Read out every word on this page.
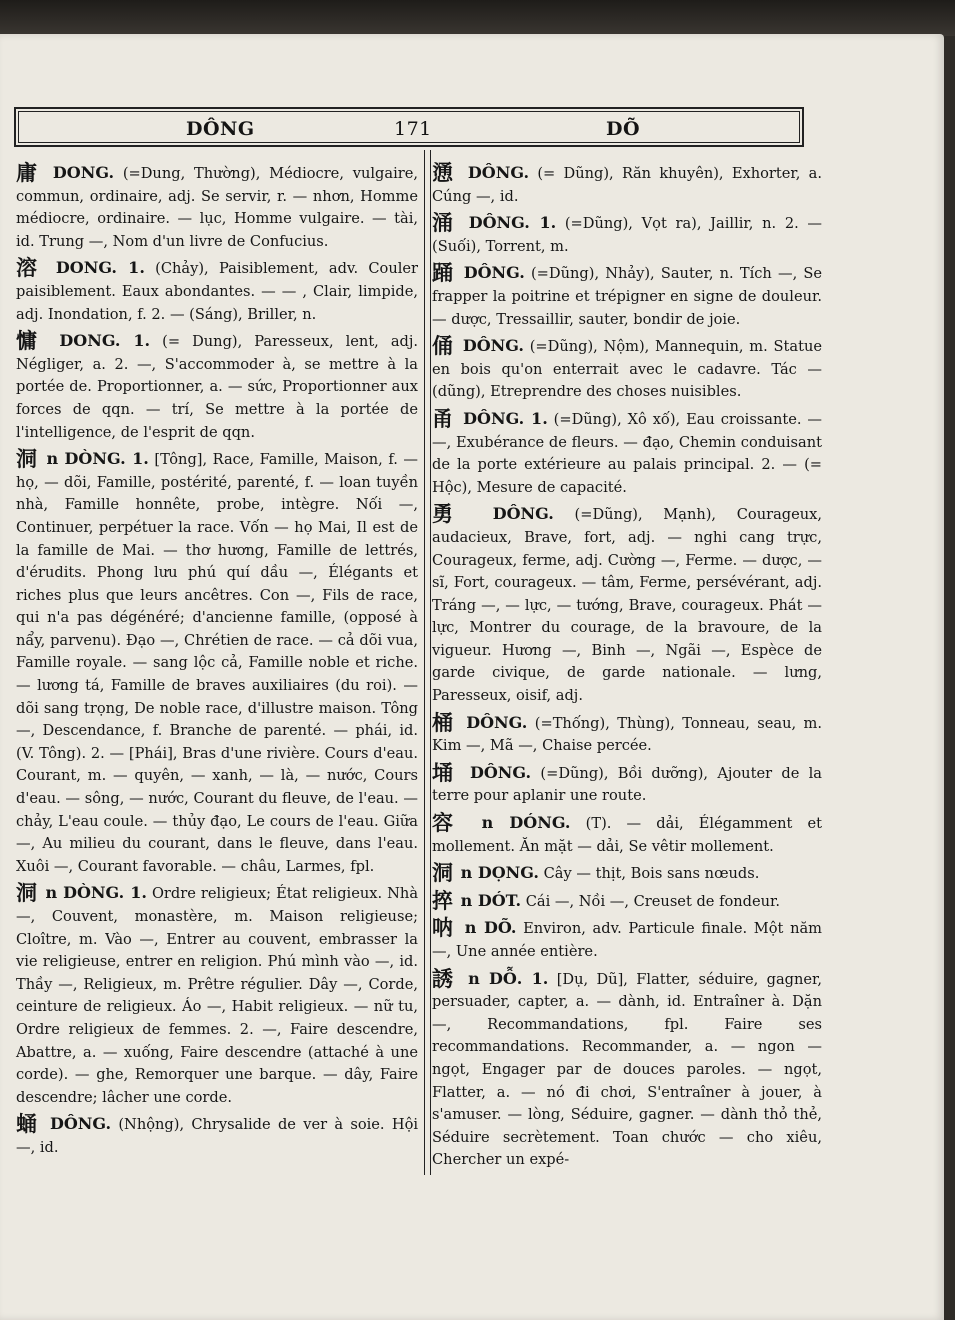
DÔNG	171	DÕ
庸 DONG. (=Dung, Thường), Médiocre, vulgaire, commun, ordinaire, adj. Se servir, r. — nhơn, Homme médiocre, ordinaire. — lục, Homme vulgaire. — tài, id. Trung —, Nom d'un livre de Confucius.
溶 DONG. 1. (Chảy), Paisiblement, adv. Couler paisiblement. Eaux abondantes. — — , Clair, limpide, adj. Inondation, f. 2. — (Sáng), Briller, n.
慵 DONG. 1. (= Dung), Paresseux, lent, adj. Négliger, a. 2. —, S'accommoder à, se mettre à la portée de. Proportionner, a. — sức, Proportionner aux forces de qqn. — trí, Se mettre à la portée de l'intelligence, de l'esprit de qqn.
洞 n DÒNG. 1. [Tông], Race, Famille, Maison, f. — họ, — dõi, Famille, postérité, parenté, f. — loan tuyền nhà, Famille honnête, probe, intègre. Nối —, Continuer, perpétuer la race. Vốn — họ Mai, Il est de la famille de Mai. — thơ hương, Famille de lettrés, d'érudits. Phong lưu phú quí dầu —, Élégants et riches plus que leurs ancêtres. Con —, Fils de race, qui n'a pas dégénéré; d'ancienne famille, (opposé à nẩy, parvenu). Đạo —, Chrétien de race. — cả dõi vua, Famille royale. — sang lộc cả, Famille noble et riche. — lương tá, Famille de braves auxiliaires (du roi). — dõi sang trọng, De noble race, d'illustre maison. Tông —, Descendance, f. Branche de parenté. — phái, id. (V. Tông). 2. — [Phái], Bras d'une rivière. Cours d'eau. Courant, m. — quyên, — xanh, — là, — nước, Cours d'eau. — sông, — nước, Courant du fleuve, de l'eau. — chảy, L'eau coule. — thủy đạo, Le cours de l'eau. Giữa —, Au milieu du courant, dans le fleuve, dans l'eau. Xuôi —, Courant favorable. — châu, Larmes, fpl.
洞 n DÒNG. 1. Ordre religieux; État religieux. Nhà —, Couvent, monastère, m. Maison religieuse; Cloître, m. Vào —, Entrer au couvent, embrasser la vie religieuse, entrer en religion. Phú mình vào —, id. Thầy —, Religieux, m. Prêtre régulier. Dây —, Corde, ceinture de religieux. Áo —, Habit religieux. — nữ tu, Ordre religieux de femmes. 2. —, Faire descendre, Abattre, a. — xuống, Faire descendre (attaché à une corde). — ghe, Remorquer une barque. — dây, Faire descendre; lâcher une corde.
蛹 DÔNG. (Nhộng), Chrysalide de ver à soie. Hội —, id.
慂 DÔNG. (= Dũng), Răn khuyên), Exhorter, a. Cúng —, id.
涌 DÔNG. 1. (=Dũng), Vọt ra), Jaillir, n. 2. — (Suối), Torrent, m.
踊 DÔNG. (=Dũng), Nhảy), Sauter, n. Tích —, Se frapper la poitrine et trépigner en signe de douleur. — dược, Tressaillir, sauter, bondir de joie.
俑 DÔNG. (=Dũng), Nộm), Mannequin, m. Statue en bois qu'on enterrait avec le cadavre. Tác — (dũng), Etreprendre des choses nuisibles.
甬 DÔNG. 1. (=Dũng), Xô xố), Eau croissante. — —, Exubérance de fleurs. — đạo, Chemin conduisant de la porte extérieure au palais principal. 2. — (= Hộc), Mesure de capacité.
勇 DÔNG. (=Dũng), Mạnh), Courageux, audacieux, Brave, fort, adj. — nghi cang trực, Courageux, ferme, adj. Cường —, Ferme. — dược, — sĩ, Fort, courageux. — tâm, Ferme, persévérant, adj. Tráng —, — lực, — tướng, Brave, courageux. Phát — lực, Montrer du courage, de la bravoure, de la vigueur. Hương —, Binh —, Ngãi —, Espèce de garde civique, de garde nationale. — lưng, Paresseux, oisif, adj.
桶 DÔNG. (=Thống), Thùng), Tonneau, seau, m. Kim —, Mã —, Chaise percée.
埇 DÔNG. (=Dũng), Bồi dưỡng), Ajouter de la terre pour aplanir une route.
容 n DÓNG. (T). — dải, Élégamment et mollement. Ăn mặt — dải, Se vêtir mollement.
洞 n DỌNG. Cây — thịt, Bois sans nœuds.
捽 n DÓT. Cái —, Nồi —, Creuset de fondeur.
呐 n DÕ. Environ, adv. Particule finale. Một năm —, Une année entière.
誘 n DỖ. 1. [Dụ, Dũ], Flatter, séduire, gagner, persuader, capter, a. — dành, id. Entraîner à. Dặn —, Recommandations, fpl. Faire ses recommandations. Recommander, a. — ngon — ngọt, Engager par de douces paroles. — ngọt, Flatter, a. — nó đi chơi, S'entraîner à jouer, à s'amuser. — lòng, Séduire, gagner. — dành thỏ thẻ, Séduire secrètement. Toan chước — cho xiêu, Chercher un expé-
